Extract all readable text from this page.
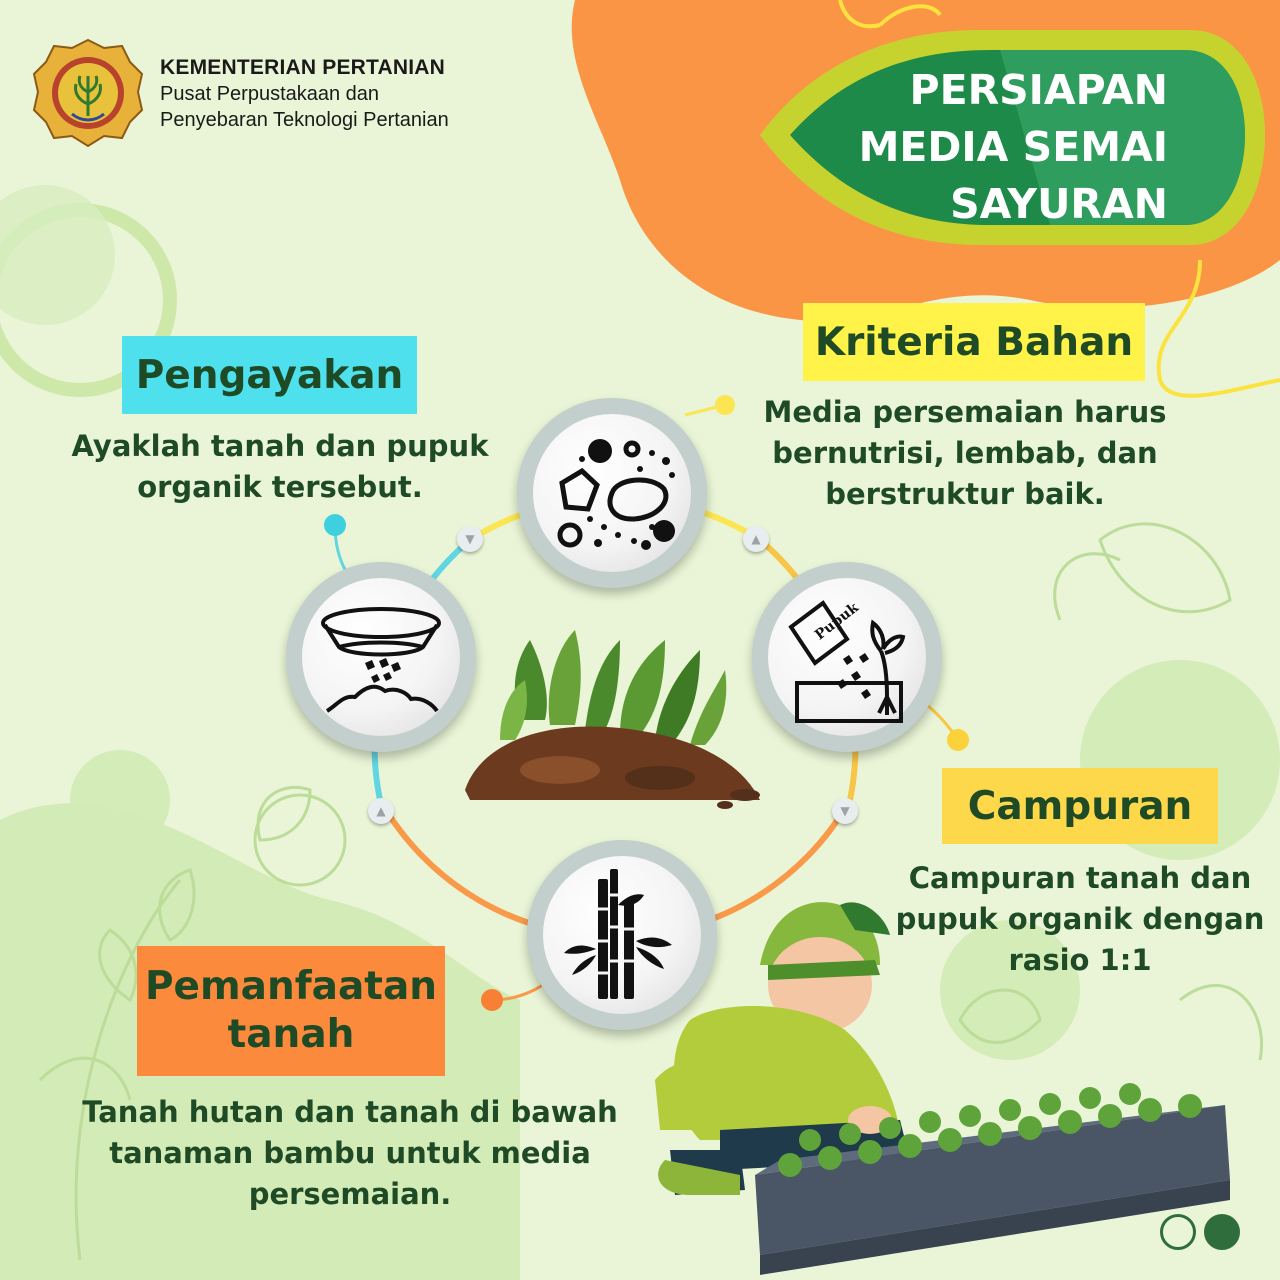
KEMENTERIAN PERTANIAN
Pusat Perpustakaan dan
Penyebaran Teknologi Pertanian
PERSIAPAN
MEDIA SEMAI
SAYURAN
Kriteria Bahan
Media persemaian harus
bernutrisi, lembab, dan
berstruktur baik.
Pengayakan
Ayaklah tanah dan pupuk
organik tersebut.
Campuran
Campuran tanah dan
pupuk organik dengan
rasio 1:1
Pemanfaatan
tanah
Tanah hutan dan tanah di bawah
tanaman bambu untuk media
persemaian.
Pupuk
▼	▲
▲	▼
